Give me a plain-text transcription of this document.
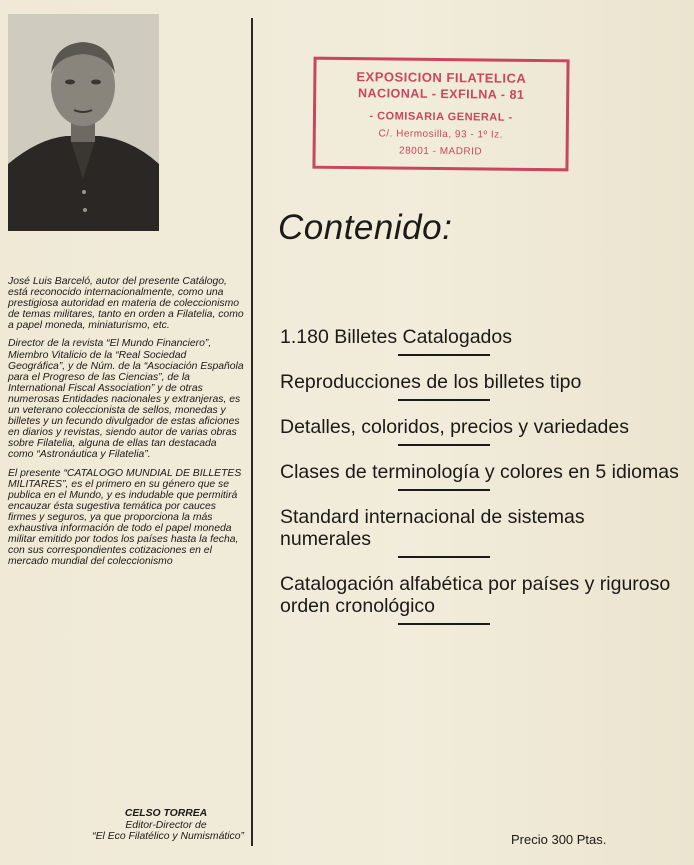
José Luis Barceló, autor del presente Catálogo, está reconocido internacionalmente, como una prestigiosa autoridad en materia de coleccionismo de temas militares, tanto en orden a Filatelia, como a papel moneda, miniaturismo, etc.

Director de la revista “El Mundo Financiero”, Miembro Vitalicio de la “Real Sociedad Geográfica”, y de Núm. de la “Asociación Española para el Progreso de las Ciencias”, de la International Fiscal Association” y de otras numerosas Entidades nacionales y extranjeras, es un veterano coleccionista de sellos, monedas y billetes y un fecundo divulgador de estas aficiones en diarios y revistas, siendo autor de varias obras sobre Filatelia, alguna de ellas tan destacada como “Astronáutica y Filatelia”.

El presente “CATALOGO MUNDIAL DE BILLETES MILITARES”, es el primero en su género que se publica en el Mundo, y es indudable que permitirá encauzar ésta sugestiva temática por cauces firmes y seguros, ya que proporciona la más exhaustiva información de todo el papel moneda militar emitido por todos los países hasta la fecha, con sus correspondientes cotizaciones en el mercado mundial del coleccionismo

CELSO TORREA
Editor-Director de
“El Eco Filatélico y Numismático”
EXPOSICION FILATELICA
NACIONAL - EXFILNA - 81
- COMISARIA GENERAL -
C/. Hermosilla, 93 - 1º Iz.
28001 - MADRID
Contenido:
1.180 Billetes Catalogados
Reproducciones de los billetes tipo
Detalles, coloridos, precios y variedades
Clases de terminología y colores en 5 idiomas
Standard internacional de sistemas numerales
Catalogación alfabética por países y riguroso orden cronológico
Precio 300 Ptas.
